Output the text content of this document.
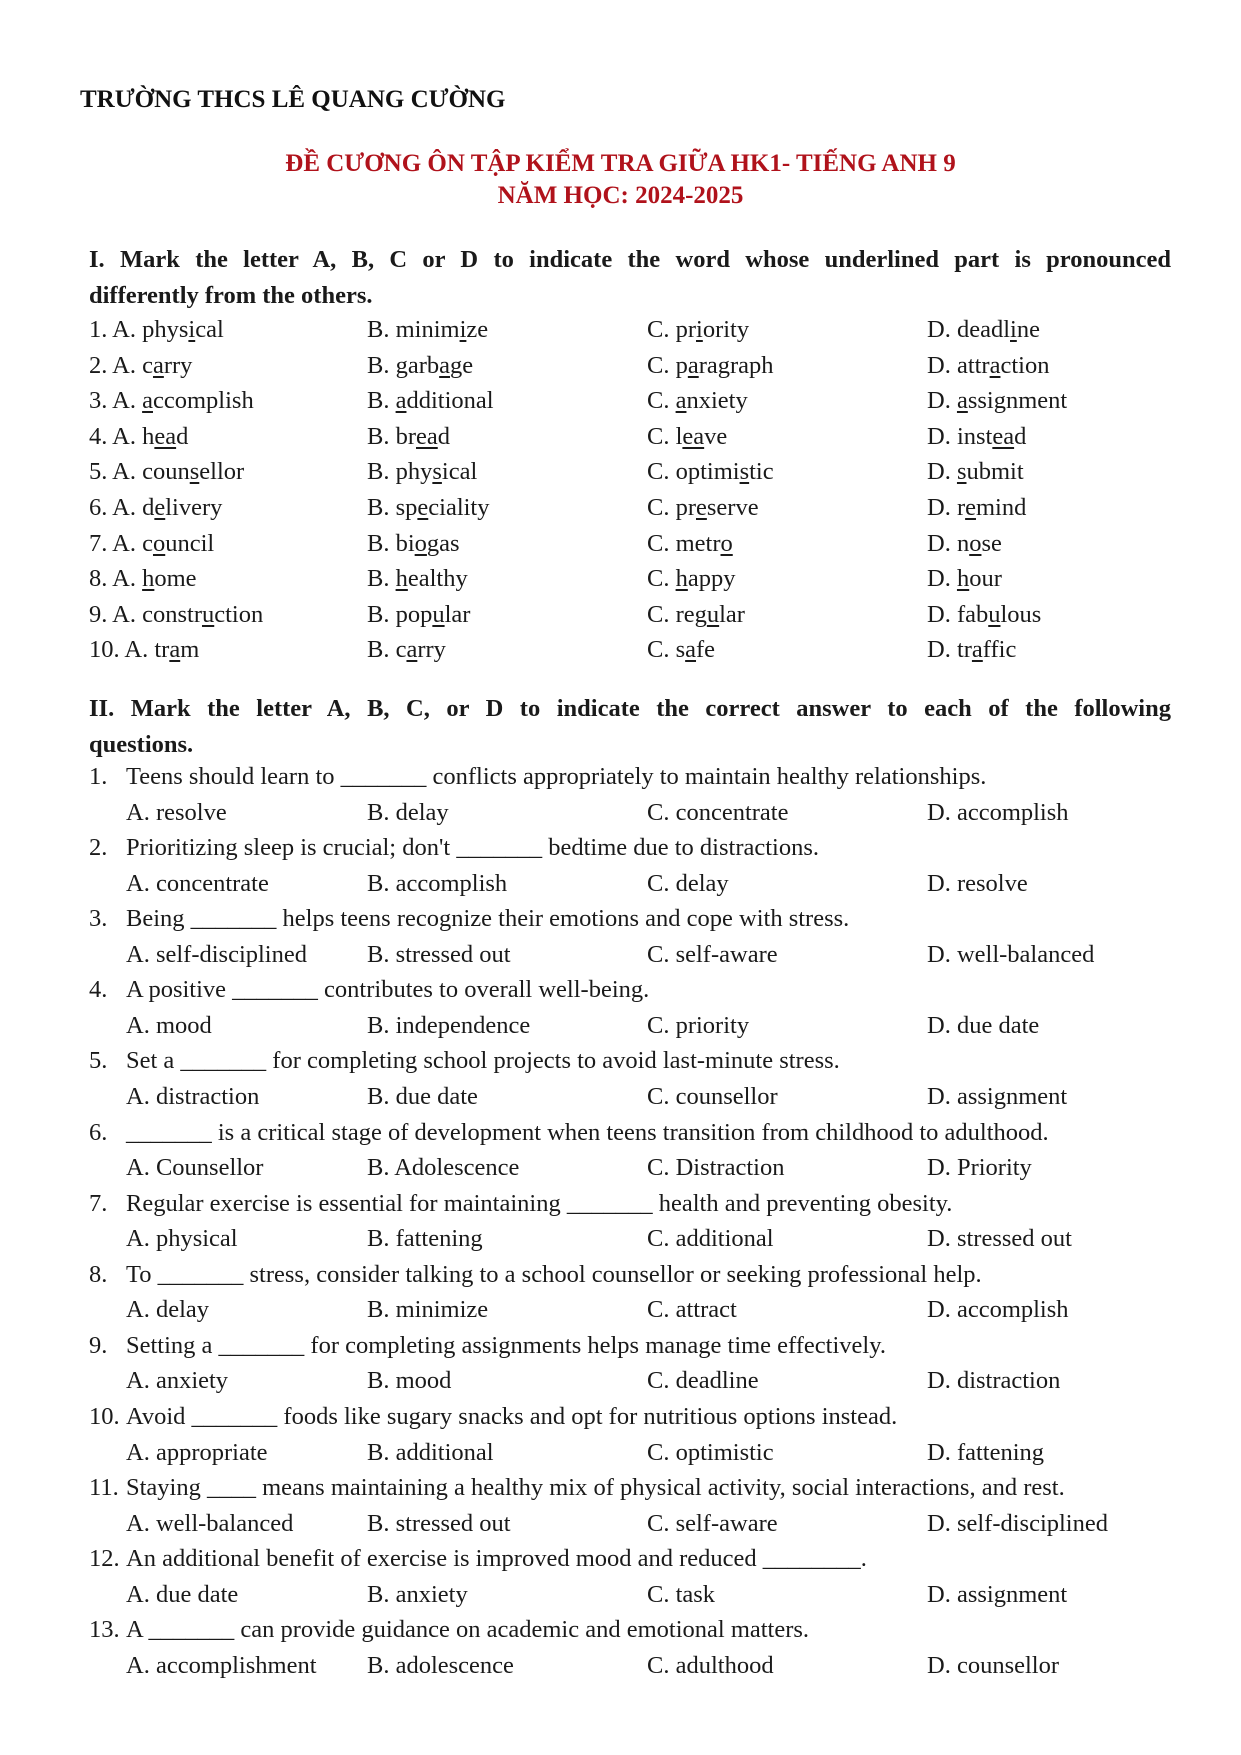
TRƯỜNG THCS LÊ QUANG CƯỜNG
ĐỀ CƯƠNG ÔN TẬP KIỂM TRA GIỮA HK1- TIẾNG ANH 9
NĂM HỌC: 2024-2025
I. Mark the letter A, B, C or D to indicate the word whose underlined part is pronounced
differently from the others.
1. A. physical	B. minimize	C. priority	D. deadline
2. A. carry	B. garbage	C. paragraph	D. attraction
3. A. accomplish	B. additional	C. anxiety	D. assignment
4. A. head	B. bread	C. leave	D. instead
5. A. counsellor	B. physical	C. optimistic	D. submit
6. A. delivery	B. speciality	C. preserve	D. remind
7. A. council	B. biogas	C. metro	D. nose
8. A. home	B. healthy	C. happy	D. hour
9. A. construction	B. popular	C. regular	D. fabulous
10. A. tram	B. carry	C. safe	D. traffic
II. Mark the letter A, B, C, or D to indicate the correct answer to each of the following
questions.
1. Teens should learn to _______ conflicts appropriately to maintain healthy relationships.
A. resolve	B. delay	C. concentrate	D. accomplish
2. Prioritizing sleep is crucial; don't _______ bedtime due to distractions.
A. concentrate	B. accomplish	C. delay	D. resolve
3. Being _______ helps teens recognize their emotions and cope with stress.
A. self-disciplined B. stressed out	C. self-aware	D. well-balanced
4. A positive _______ contributes to overall well-being.
A. mood	B. independence	C. priority	D. due date
5. Set a _______ for completing school projects to avoid last-minute stress.
A. distraction	B. due date	C. counsellor	D. assignment
6. _______ is a critical stage of development when teens transition from childhood to adulthood.
A. Counsellor	B. Adolescence	C. Distraction	D. Priority
7. Regular exercise is essential for maintaining _______ health and preventing obesity.
A. physical	B. fattening	C. additional	D. stressed out
8. To _______ stress, consider talking to a school counsellor or seeking professional help.
A. delay	B. minimize	C. attract	D. accomplish
9. Setting a _______ for completing assignments helps manage time effectively.
A. anxiety	B. mood	C. deadline	D. distraction
10. Avoid _______ foods like sugary snacks and opt for nutritious options instead.
A. appropriate	B. additional	C. optimistic	D. fattening
11. Staying ____ means maintaining a healthy mix of physical activity, social interactions, and rest.
A. well-balanced	B. stressed out	C. self-aware	D. self-disciplined
12. An additional benefit of exercise is improved mood and reduced ________.
A. due date	B. anxiety	C. task	D. assignment
13. A _______ can provide guidance on academic and emotional matters.
A. accomplishment B. adolescence	C. adulthood	D. counsellor
